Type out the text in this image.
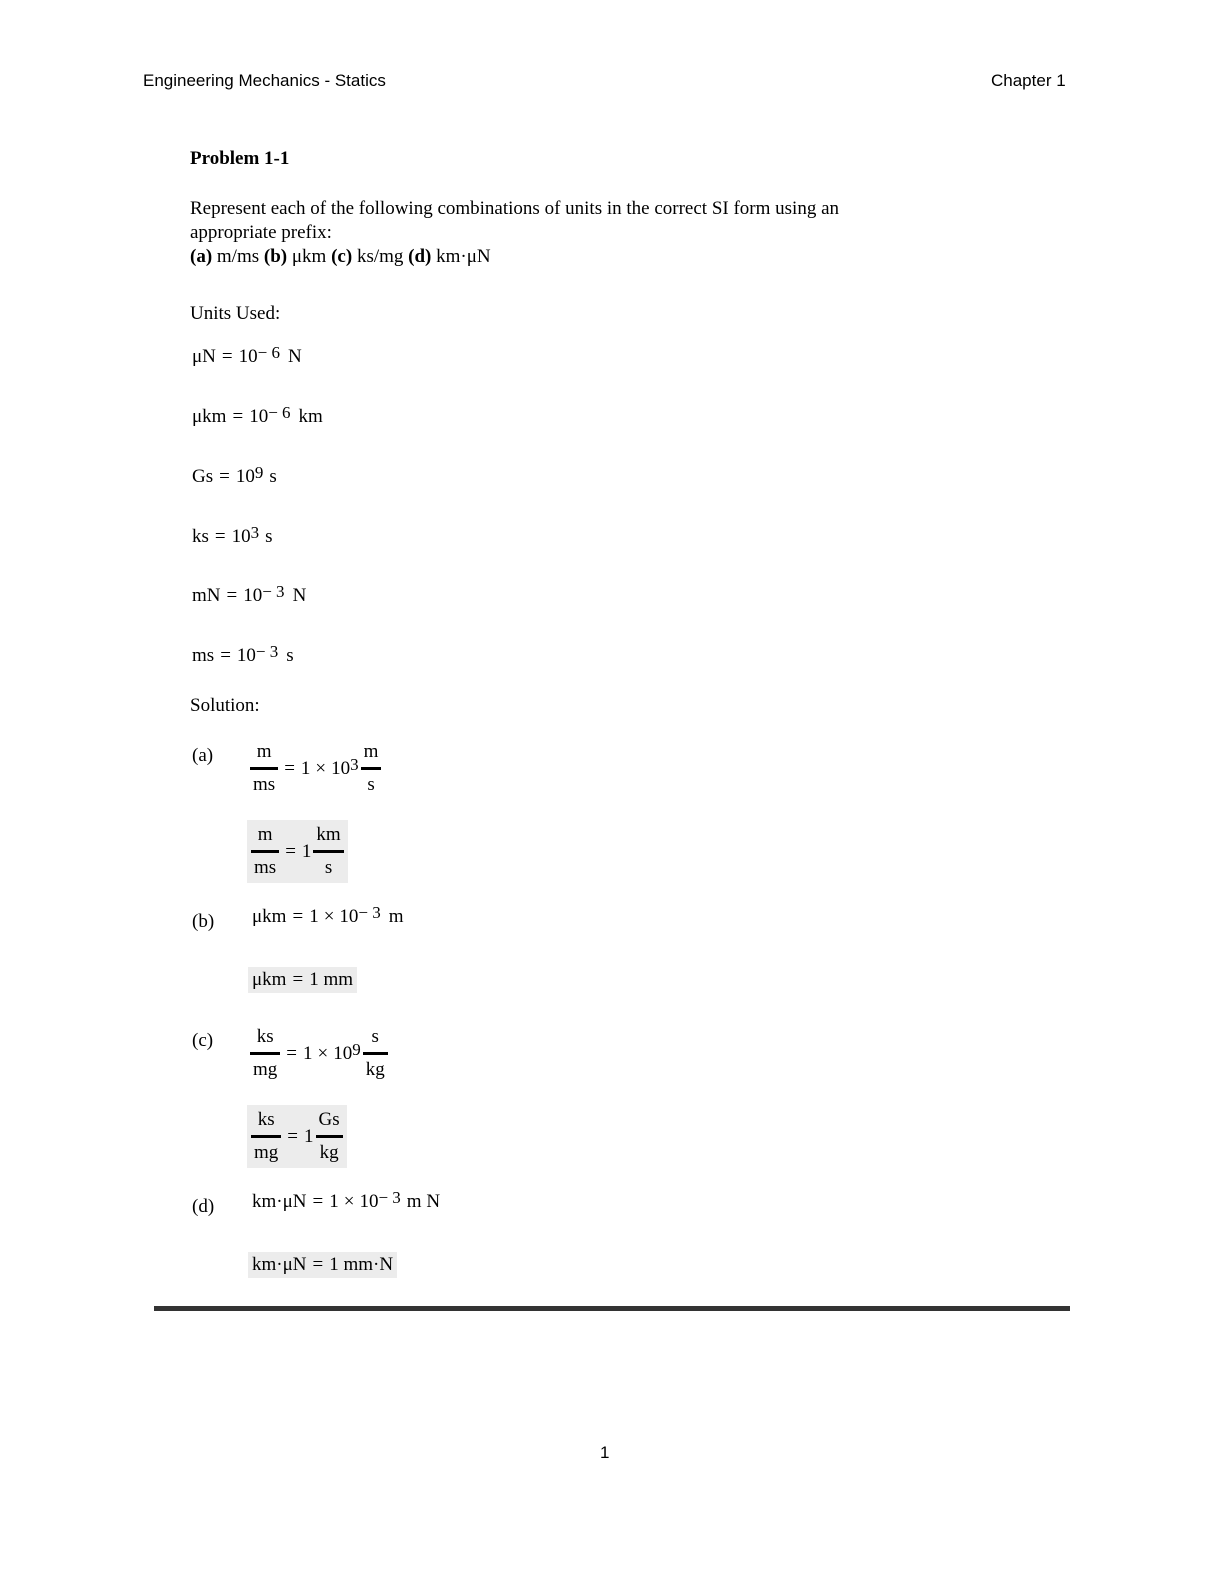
Engineering Mechanics - Statics	Chapter 1
Problem 1-1
Represent each of the following combinations of units in the correct SI form using an
appropriate prefix:
(a) m/ms (b) μkm (c) ks/mg (d) km·μN
Units Used:
$\mu N = 10^{- 6}$ N
$\mu km = 10^{- 6}$ km
$Gs = 10^9$ s
ks = $10^3$ s
mN = $10^{- 3}$ N
ms = $10^{- 3}$ s
Solution:
$(a) \frac{m}{ms} = 1 \times 10^3 \frac{m}{s}$
$\frac{m}{ms} = 1 \frac{km}{s}$
(b) $\mu km = 1 \times 10^{- 3}$ m
μkm = 1 mm
$(c) \frac{ks}{mg} = 1 \times 10^9 \frac{s}{kg}$
$\frac{ks}{mg} = 1 \frac{Gs}{kg}$
(d) $km\cdot\mu N = 1 \times 10^{- 3}$ m N
km·μN = 1 mm·N
1
